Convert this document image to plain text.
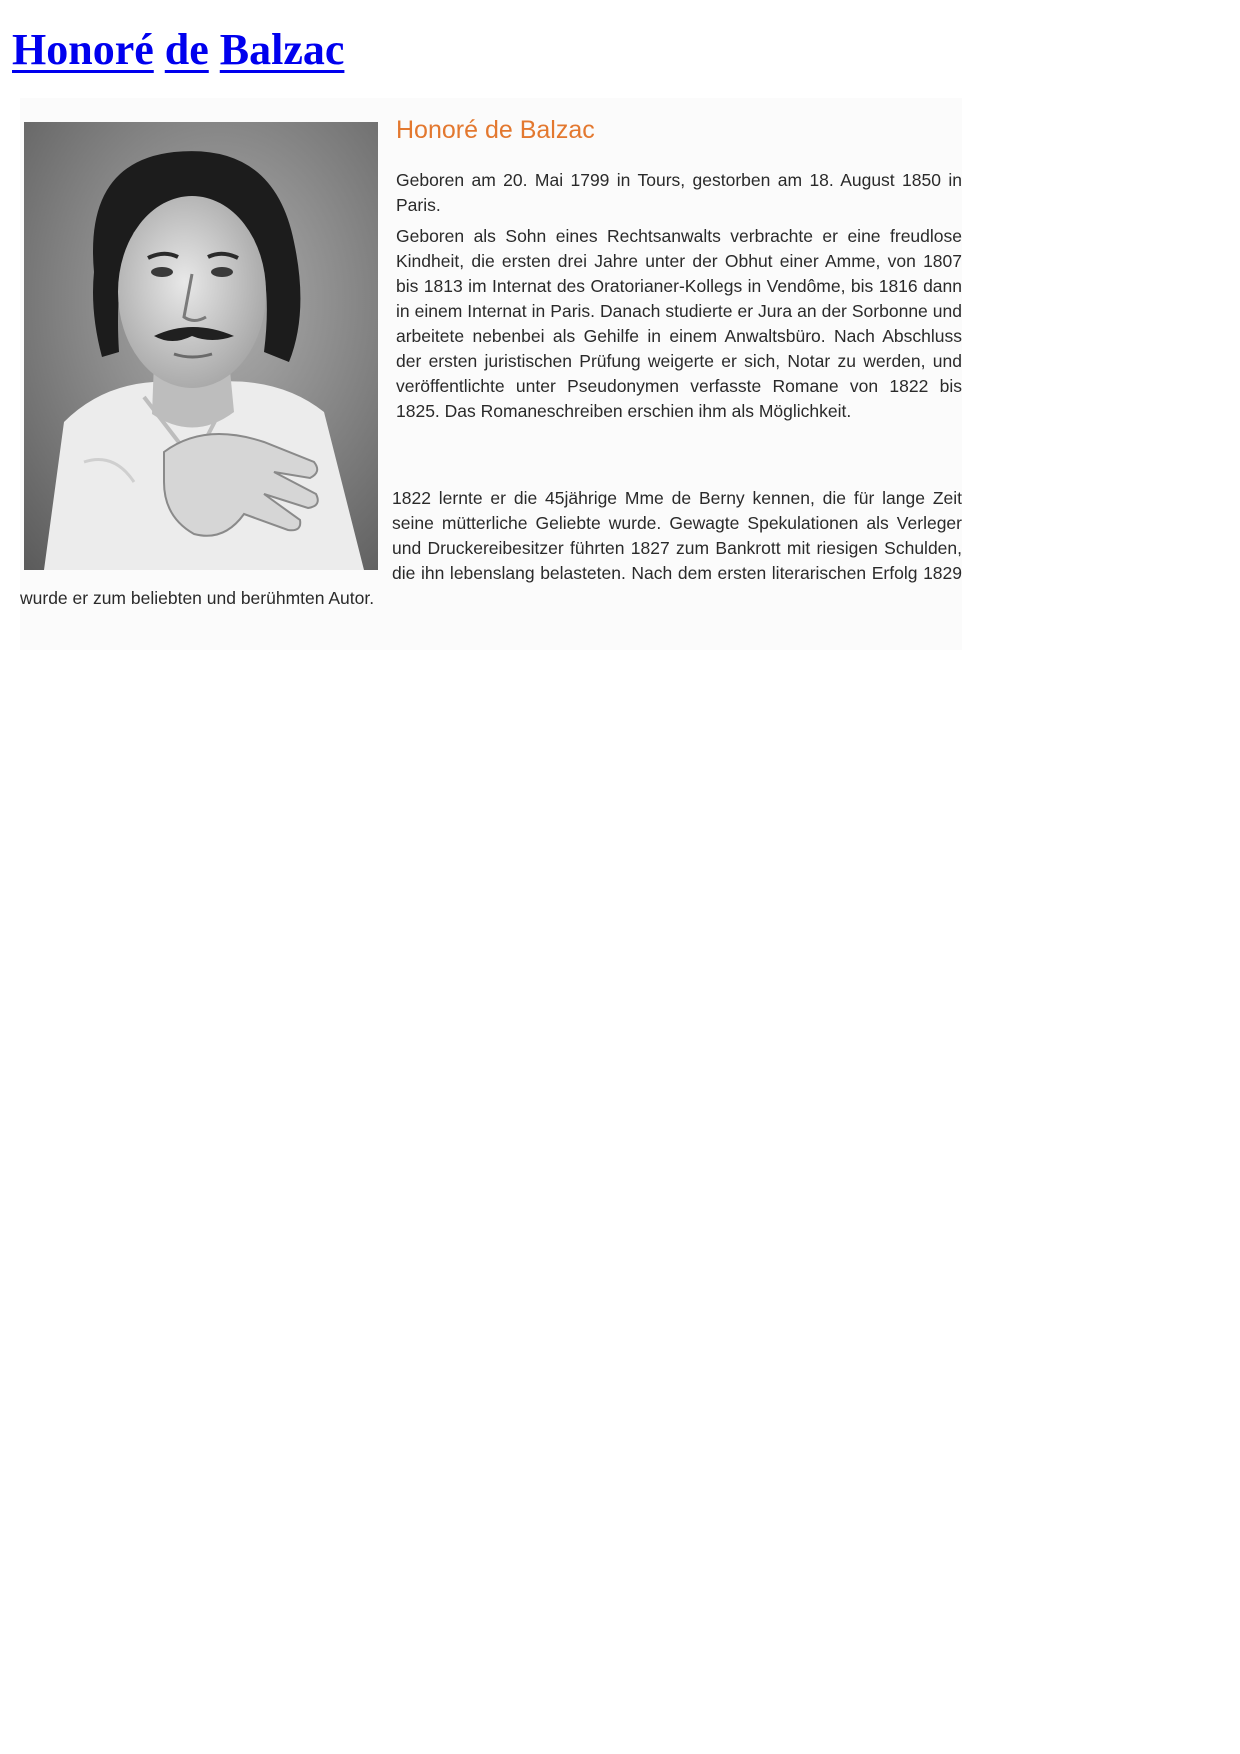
Honoré de Balzac
Honoré de Balzac

Geboren am 20. Mai 1799 in Tours, gestorben am 18. August 1850 in Paris.

Geboren als Sohn eines Rechtsanwalts verbrachte er eine freudlose Kindheit, die ersten drei Jahre unter der Obhut einer Amme, von 1807 bis 1813 im Internat des Oratorianer-Kollegs in Vendôme, bis 1816 dann in einem Internat in Paris. Danach studierte er Jura an der Sorbonne und arbeitete nebenbei als Gehilfe in einem Anwaltsbüro. Nach Abschluss der ersten juristischen Prüfung weigerte er sich, Notar zu werden, und veröffentlichte unter Pseudonymen verfasste Romane von 1822 bis 1825. Das Romaneschreiben erschien ihm als Möglichkeit.

1822 lernte er die 45jährige Mme de Berny kennen, die für lange Zeit seine mütterliche Geliebte wurde. Gewagte Spekulationen als Verleger und Druckereibesitzer führten 1827 zum Bankrott mit riesigen Schulden, die ihn lebenslang belasteten. Nach dem ersten literarischen Erfolg 1829 wurde er zum beliebten und berühmten Autor.
